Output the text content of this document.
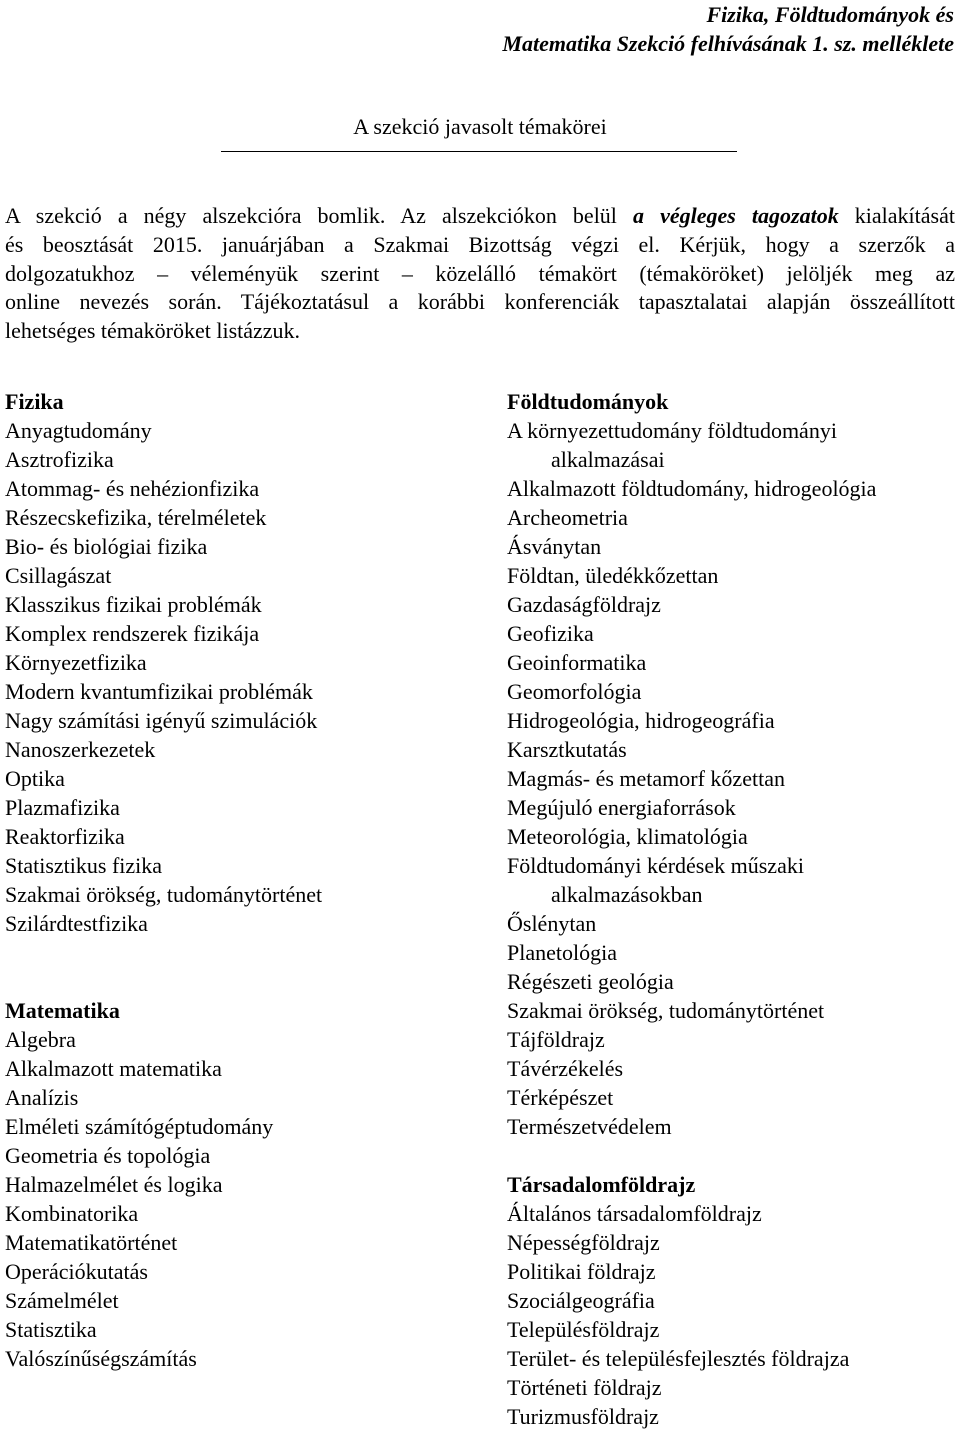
Fizika, Földtudományok és
Matematika Szekció felhívásának 1. sz. melléklete
A szekció javasolt témakörei
A szekció a négy alszekcióra bomlik. Az alszekciókon belül a végleges tagozatok kialakítását
és beosztását 2015. januárjában a Szakmai Bizottság végzi el. Kérjük, hogy a szerzők a
dolgozatukhoz – véleményük szerint – közelálló témakört (témaköröket) jelöljék meg az
online nevezés során. Tájékoztatásul a korábbi konferenciák tapasztalatai alapján összeállított
lehetséges témaköröket listázzuk.
Fizika
Anyagtudomány
Asztrofizika
Atommag- és nehézionfizika
Részecskefizika, térelméletek
Bio- és biológiai fizika
Csillagászat
Klasszikus fizikai problémák
Komplex rendszerek fizikája
Környezetfizika
Modern kvantumfizikai problémák
Nagy számítási igényű szimulációk
Nanoszerkezetek
Optika
Plazmafizika
Reaktorfizika
Statisztikus fizika
Szakmai örökség, tudománytörténet
Szilárdtestfizika
Matematika
Algebra
Alkalmazott matematika
Analízis
Elméleti számítógéptudomány
Geometria és topológia
Halmazelmélet és logika
Kombinatorika
Matematikatörténet
Operációkutatás
Számelmélet
Statisztika
Valószínűségszámítás
Földtudományok
A környezettudomány földtudományi
alkalmazásai
Alkalmazott földtudomány, hidrogeológia
Archeometria
Ásványtan
Földtan, üledékkőzettan
Gazdaságföldrajz
Geofizika
Geoinformatika
Geomorfológia
Hidrogeológia, hidrogeográfia
Karsztkutatás
Magmás- és metamorf kőzettan
Megújuló energiaforrások
Meteorológia, klimatológia
Földtudományi kérdések műszaki
alkalmazásokban
Őslénytan
Planetológia
Régészeti geológia
Szakmai örökség, tudománytörténet
Tájföldrajz
Távérzékelés
Térképészet
Természetvédelem
Társadalomföldrajz
Általános társadalomföldrajz
Népességföldrajz
Politikai földrajz
Szociálgeográfia
Településföldrajz
Terület- és településfejlesztés földrajza
Történeti földrajz
Turizmusföldrajz
